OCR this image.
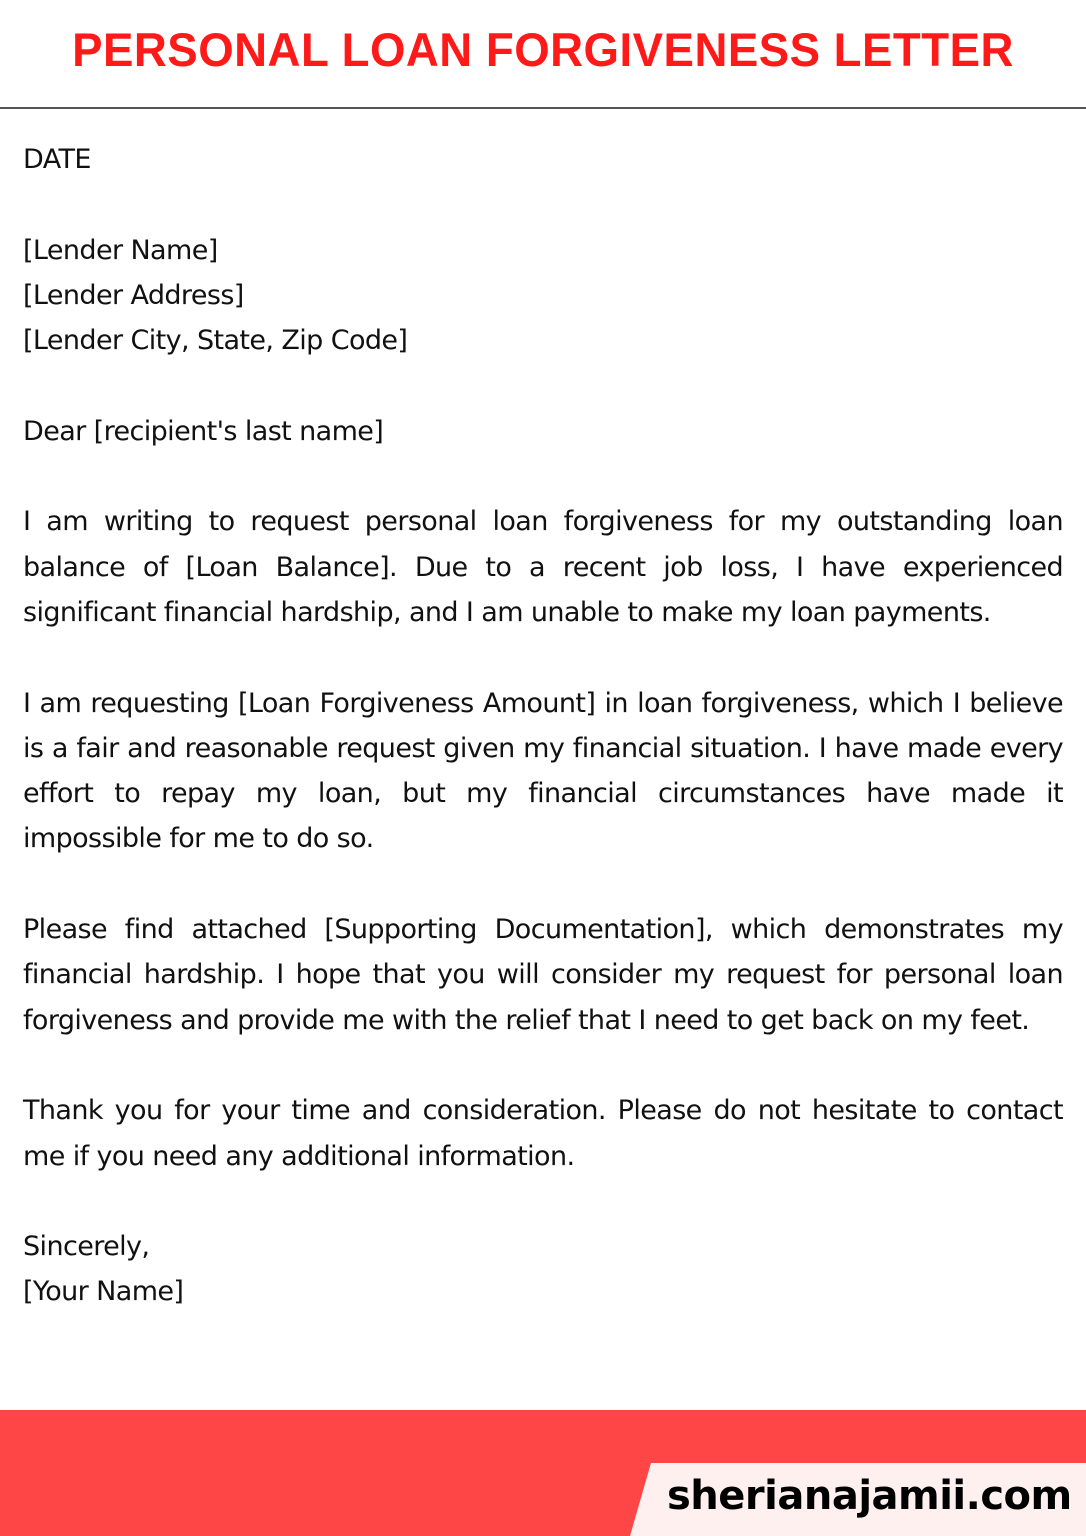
PERSONAL LOAN FORGIVENESS LETTER

DATE

[Lender Name]
[Lender Address]
[Lender City, State, Zip Code]

Dear [recipient's last name]

I am writing to request personal loan forgiveness for my outstanding loan balance of [Loan Balance]. Due to a recent job loss, I have experienced significant financial hardship, and I am unable to make my loan payments.

I am requesting [Loan Forgiveness Amount] in loan forgiveness, which I believe is a fair and reasonable request given my financial situation. I have made every effort to repay my loan, but my financial circumstances have made it impossible for me to do so.

Please find attached [Supporting Documentation], which demonstrates my financial hardship. I hope that you will consider my request for personal loan forgiveness and provide me with the relief that I need to get back on my feet.

Thank you for your time and consideration. Please do not hesitate to contact me if you need any additional information.

Sincerely,
[Your Name]

sherianajamii.com
